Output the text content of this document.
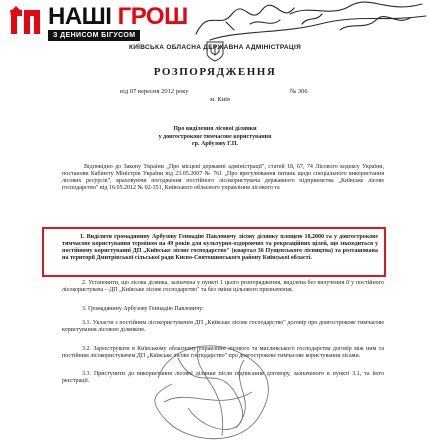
НАШІ ГРОШ
З ДЕНИСОМ БІГУСОМ
КИЇВСЬКА ОБЛАСНА ДЕРЖАВНА АДМІНІСТРАЦІЯ
РОЗПОРЯДЖЕННЯ
від 07 вересня 2012 року
м. Київ
№ 306
Про виділення лісової ділянки
у довгострокове тимчасове користування
гр. Арбузову Г.П.
Відповідно до Закону України „Про місцеві державні адміністрації", статей 18, 67, 74 Лісового кодексу України, постанови Кабінету Міністрів України від 23.05.2007 № 761 „Про врегулювання питань щодо спеціального використання лісових ресурсів", враховуючи погодження постійного лісокористувача державного підприємства „Київське лісове господарство" від 16.05.2012 № 02-351, Київського обласного управління лісового та
1. Виділити громадянину Арбузову Геннадію Павловичу лісову ділянку площею 18,2000 га у довгострокове тимчасове користування терміном на 49 років для культурно-оздоровчих та рекреаційних цілей, що знаходиться у постійному користуванні ДП „Київське лісове господарство" (квартал 36 Пущевського лісництва) та розташована на території Дмитрівської сільської ради Києво-Святошинського району Київської області.
2. Установити, що лісова ділянка, зазначена у пункті 1 цього розпорядження, виділена без вилучення її у постійного лісокористувача – ДП „Київське лісове господарство" та без зміни цільового призначення.
3. Громадянину Арбузову Геннадію Павловичу:
3.1. Укласти з постійним лісокористувачем ДП „Київське лісове господарство" договір про довгострокове тимчасове користування лісовою ділянкою.
3.2. Зареєструвати в Київському обласному управлінні лісового та мисливського господарства договір між ним та постійним лісокористувачем ДП „Київське лісове господарство" про довгострокове тимчасове користування лісами.
3.3. Приступити до використання лісової ділянки після підписання договору, зазначеного в пункті 3.1, та його реєстрації.
